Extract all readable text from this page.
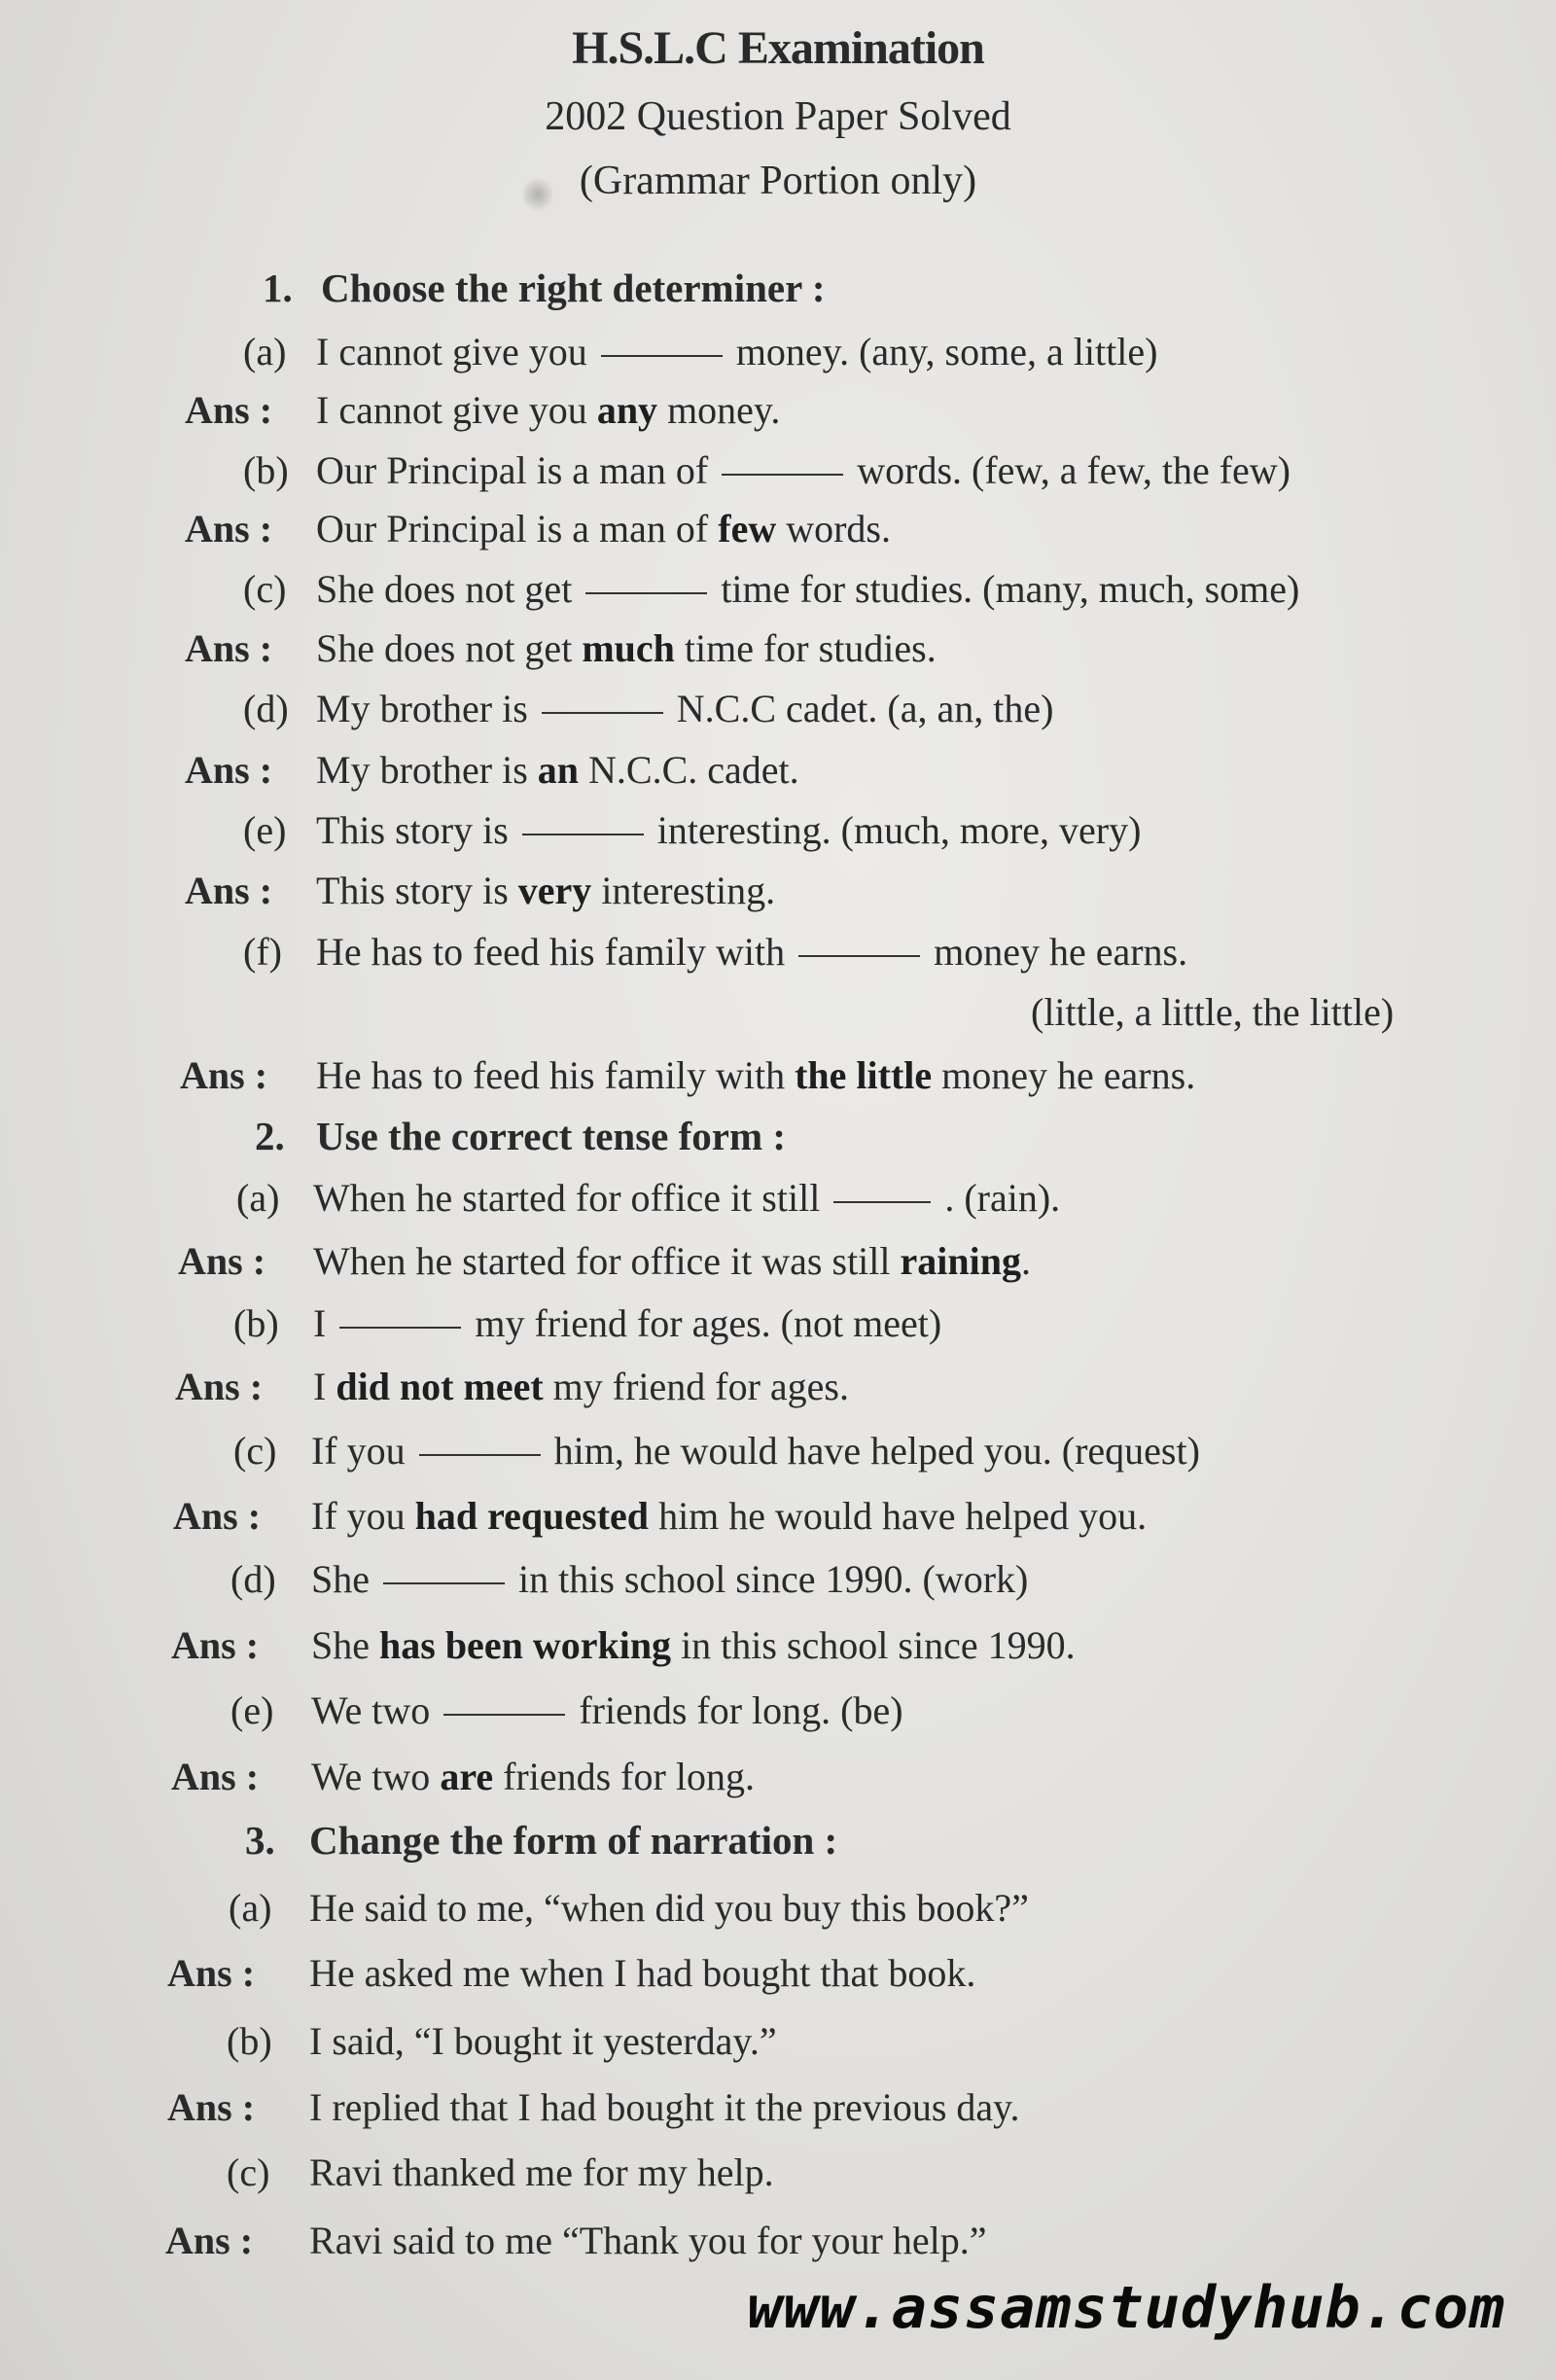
H.S.L.C Examination
2002 Question Paper Solved
(Grammar Portion only)
1. Choose the right determiner :
(a) I cannot give you	money. (any, some, a little)
Ans : I cannot give you any money.
(b) Our Principal is a man of	words. (few, a few, the few)
Ans : Our Principal is a man of few words.
(c) She does not get	time for studies. (many, much, some)
Ans : She does not get much time for studies.
(d) My brother is	N.C.C cadet. (a, an, the)
Ans : My brother is an N.C.C. cadet.
(e) This story is	interesting. (much, more, very)
Ans : This story is very interesting.
(f) He has to feed his family with	money he earns.
(little, a little, the little)
Ans : He has to feed his family with the little money he earns.
2. Use the correct tense form :
(a) When he started for office it still	. (rain).
Ans : When he started for office it was still raining.
(b) I	my friend for ages. (not meet)
Ans : I did not meet my friend for ages.
(c) If you	him, he would have helped you. (request)
Ans : If you had requested him he would have helped you.
(d) She	in this school since 1990. (work)
Ans : She has been working in this school since 1990.
(e) We two	friends for long. (be)
Ans : We two are friends for long.
3. Change the form of narration :
(a) He said to me, “when did you buy this book?”
Ans : He asked me when I had bought that book.
(b) I said, “I bought it yesterday.”
Ans : I replied that I had bought it the previous day.
(c) Ravi thanked me for my help.
Ans : Ravi said to me “Thank you for your help.”
www.assamstudyhub.com
